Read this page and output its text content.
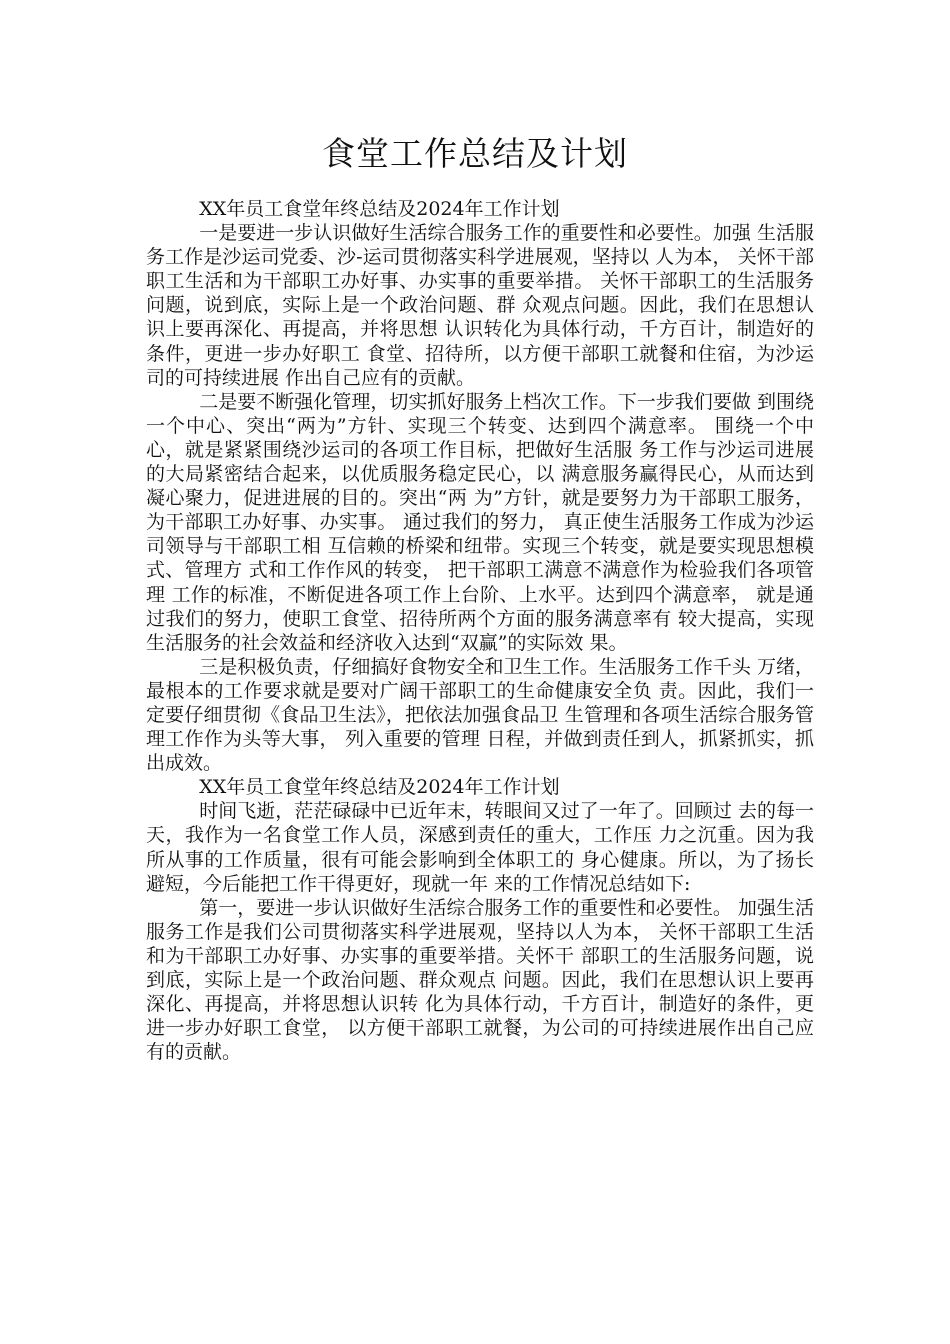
食堂工作总结及计划

XX年员工食堂年终总结及2024年工作计划

一是要进一步认识做好生活综合服务工作的重要性和必要性。加强 生活服务工作是沙运司党委、沙-运司贯彻落实科学进展观，坚持以 人为本， 关怀干部职工生活和为干部职工办好事、办实事的重要举措。 关怀干部职工的生活服务问题，说到底，实际上是一个政治问题、群 众观点问题。因此，我们在思想认识上要再深化、再提高，并将思想 认识转化为具体行动，千方百计，制造好的条件，更进一步办好职工 食堂、招待所，以方便干部职工就餐和住宿，为沙运司的可持续进展 作出自己应有的贡献。

二是要不断强化管理，切实抓好服务上档次工作。下一步我们要做 到围绕一个中心、突出“两为”方针、实现三个转变、达到四个满意率。 围绕一个中心，就是紧紧围绕沙运司的各项工作目标，把做好生活服 务工作与沙运司进展的大局紧密结合起来，以优质服务稳定民心，以 满意服务赢得民心，从而达到凝心聚力，促进进展的目的。突出“两 为”方针，就是要努力为干部职工服务，为干部职工办好事、办实事。 通过我们的努力， 真正使生活服务工作成为沙运司领导与干部职工相 互信赖的桥梁和纽带。实现三个转变，就是要实现思想模式、管理方 式和工作作风的转变， 把干部职工满意不满意作为检验我们各项管理 工作的标准，不断促进各项工作上台阶、上水平。达到四个满意率， 就是通过我们的努力，使职工食堂、招待所两个方面的服务满意率有 较大提高，实现生活服务的社会效益和经济收入达到“双赢”的实际效 果。

三是积极负责，仔细搞好食物安全和卫生工作。生活服务工作千头 万绪，最根本的工作要求就是要对广阔干部职工的生命健康安全负 责。因此，我们一定要仔细贯彻《食品卫生法》，把依法加强食品卫 生管理和各项生活综合服务管理工作作为头等大事， 列入重要的管理 日程，并做到责任到人，抓紧抓实，抓出成效。

XX年员工食堂年终总结及2024年工作计划

时间飞逝，茫茫碌碌中已近年末，转眼间又过了一年了。回顾过 去的每一天，我作为一名食堂工作人员，深感到责任的重大，工作压 力之沉重。因为我所从事的工作质量，很有可能会影响到全体职工的 身心健康。所以，为了扬长避短，今后能把工作干得更好，现就一年 来的工作情况总结如下:

第一，要进一步认识做好生活综合服务工作的重要性和必要性。 加强生活服务工作是我们公司贯彻落实科学进展观，坚持以人为本， 关怀干部职工生活和为干部职工办好事、办实事的重要举措。关怀干 部职工的生活服务问题，说到底，实际上是一个政治问题、群众观点 问题。因此，我们在思想认识上要再深化、再提高，并将思想认识转 化为具体行动，千方百计，制造好的条件，更进一步办好职工食堂， 以方便干部职工就餐，为公司的可持续进展作出自己应有的贡献。
